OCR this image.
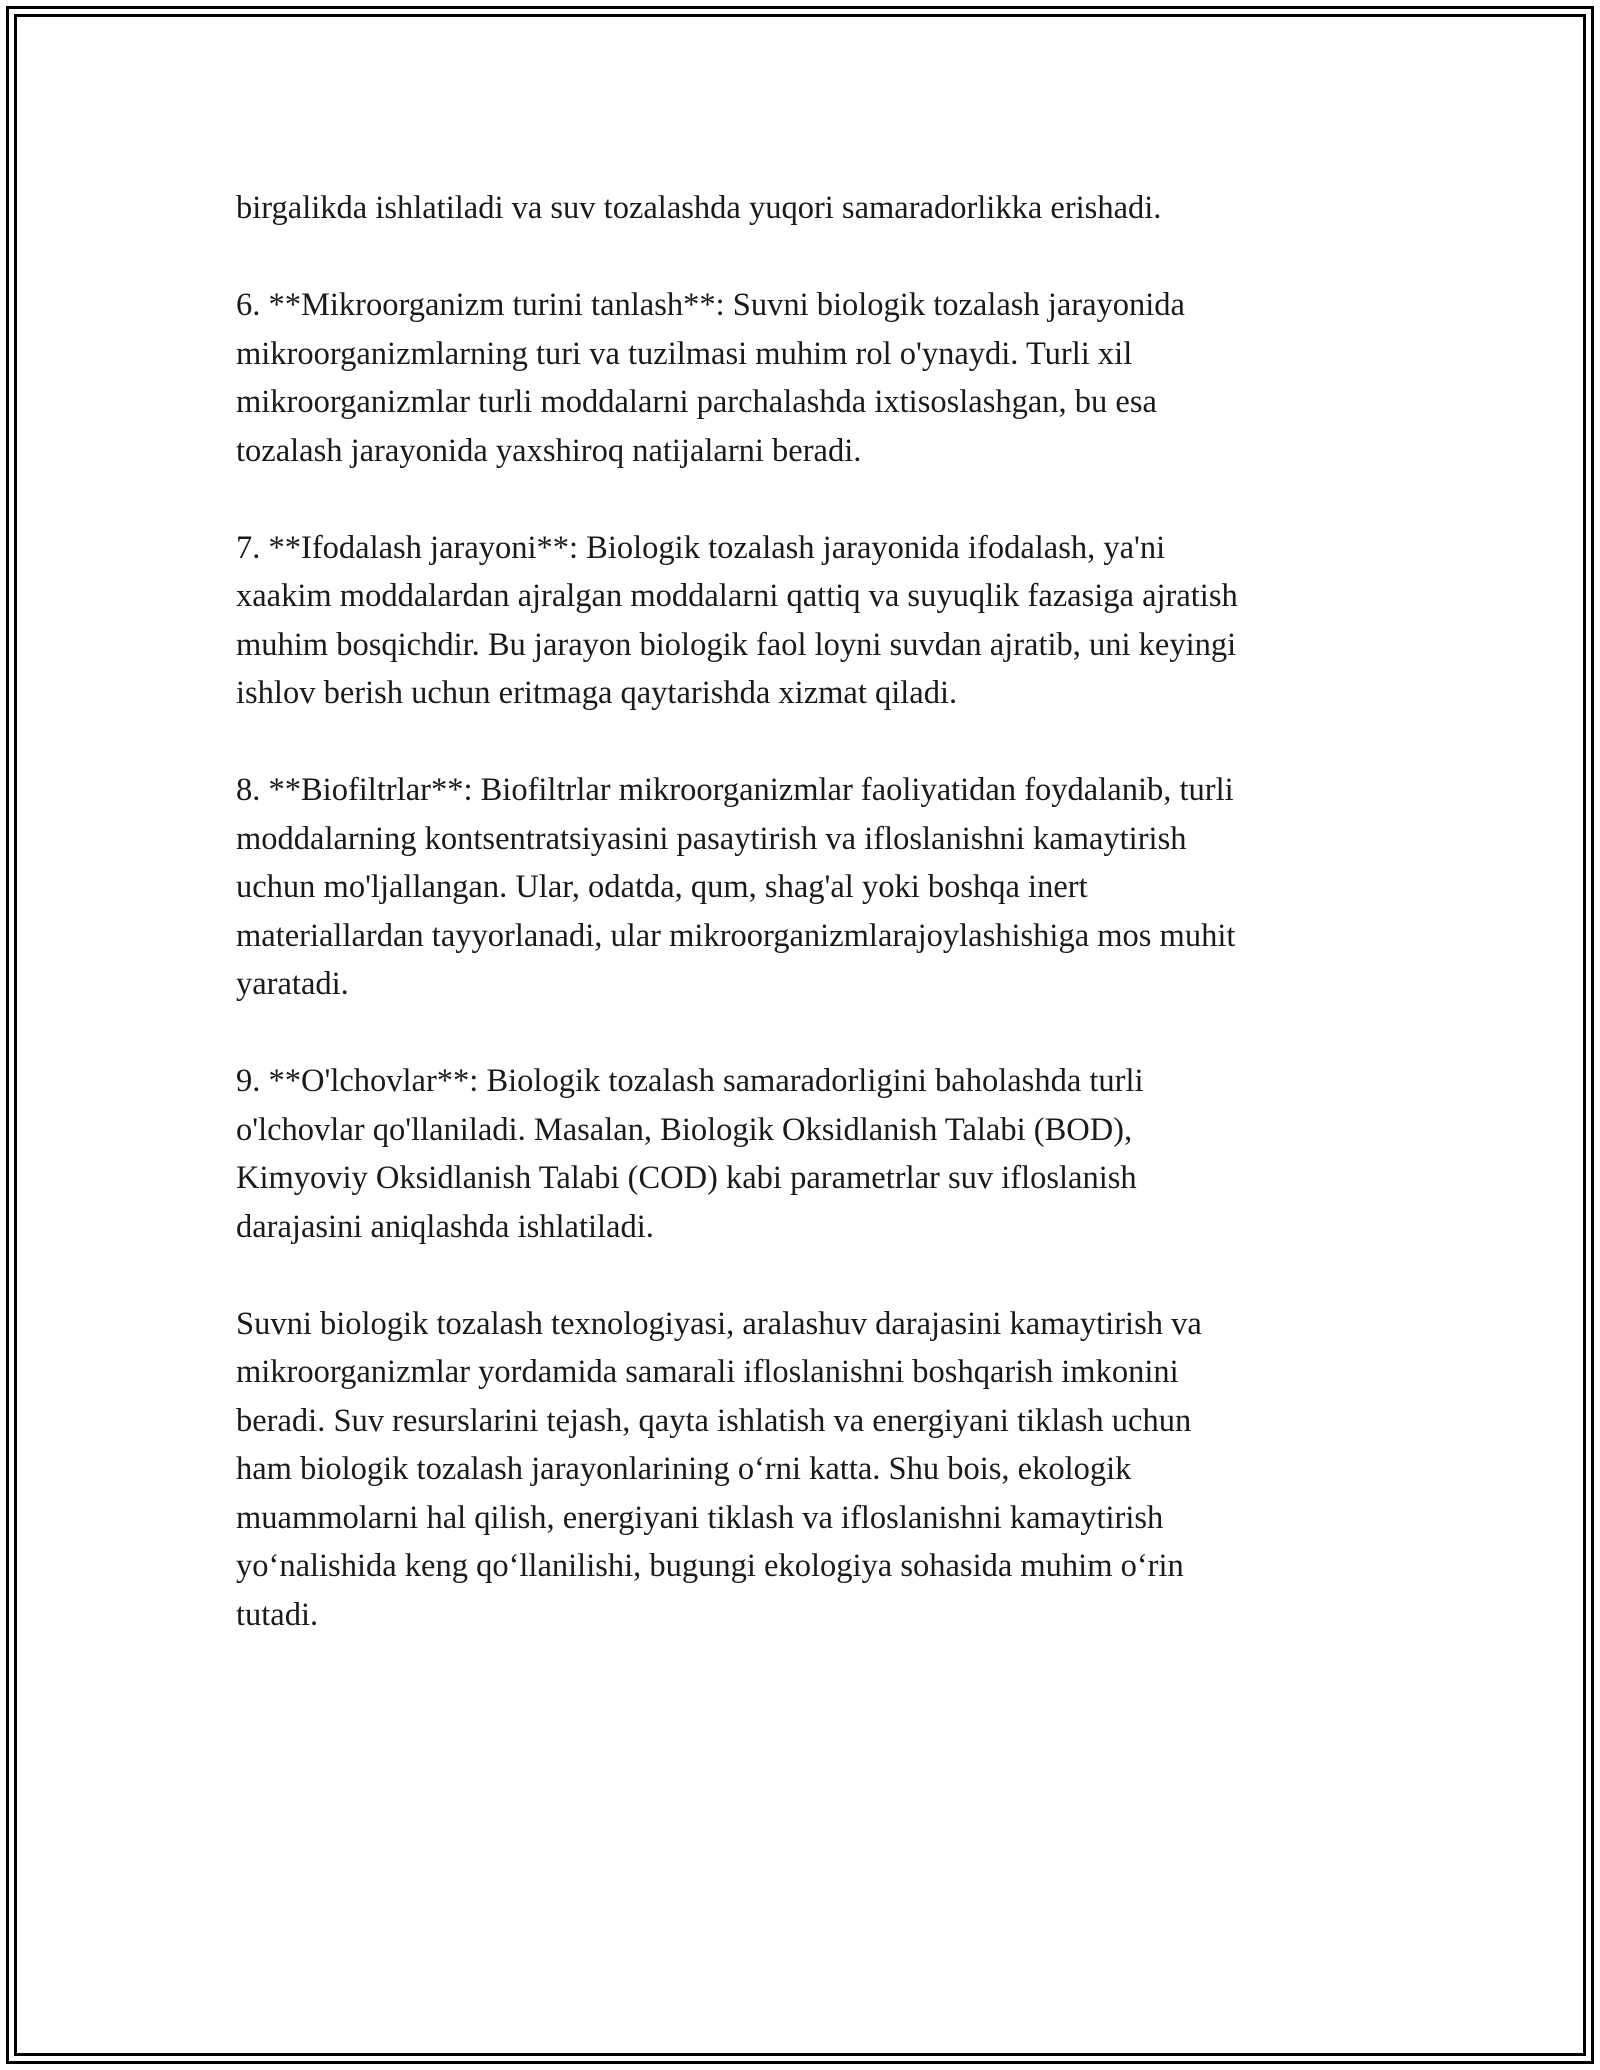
birgalikda ishlatiladi va suv tozalashda yuqori samaradorlikka erishadi.

6. **Mikroorganizm turini tanlash**: Suvni biologik tozalash jarayonida
mikroorganizmlarning turi va tuzilmasi muhim rol o'ynaydi. Turli xil
mikroorganizmlar turli moddalarni parchalashda ixtisoslashgan, bu esa
tozalash jarayonida yaxshiroq natijalarni beradi.

7. **Ifodalash jarayoni**: Biologik tozalash jarayonida ifodalash, ya'ni
xaakim moddalardan ajralgan moddalarni qattiq va suyuqlik fazasiga ajratish
muhim bosqichdir. Bu jarayon biologik faol loyni suvdan ajratib, uni keyingi
ishlov berish uchun eritmaga qaytarishda xizmat qiladi.

8. **Biofiltrlar**: Biofiltrlar mikroorganizmlar faoliyatidan foydalanib, turli
moddalarning kontsentratsiyasini pasaytirish va ifloslanishni kamaytirish
uchun mo'ljallangan. Ular, odatda, qum, shag'al yoki boshqa inert
materiallardan tayyorlanadi, ular mikroorganizmlarajoylashishiga mos muhit
yaratadi.

9. **O'lchovlar**: Biologik tozalash samaradorligini baholashda turli
o'lchovlar qo'llaniladi. Masalan, Biologik Oksidlanish Talabi (BOD),
Kimyoviy Oksidlanish Talabi (COD) kabi parametrlar suv ifloslanish
darajasini aniqlashda ishlatiladi.

Suvni biologik tozalash texnologiyasi, aralashuv darajasini kamaytirish va
mikroorganizmlar yordamida samarali ifloslanishni boshqarish imkonini
beradi. Suv resurslarini tejash, qayta ishlatish va energiyani tiklash uchun
ham biologik tozalash jarayonlarining o‘rni katta. Shu bois, ekologik
muammolarni hal qilish, energiyani tiklash va ifloslanishni kamaytirish
yo‘nalishida keng qo‘llanilishi, bugungi ekologiya sohasida muhim o‘rin
tutadi.
